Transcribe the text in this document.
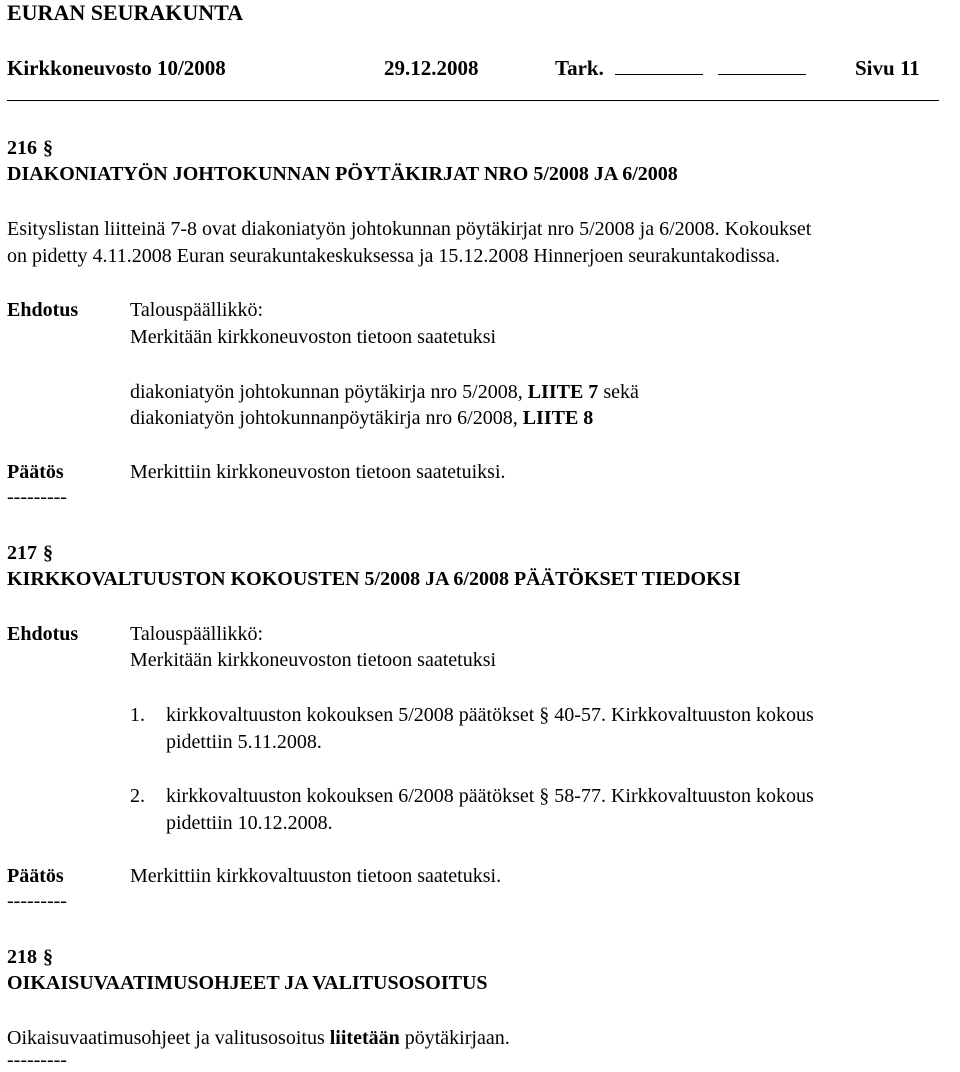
EURAN SEURAKUNTA
Kirkkoneuvosto 10/2008	29.12.2008	Tark.	Sivu 11
216 §
DIAKONIATYÖN JOHTOKUNNAN PÖYTÄKIRJAT NRO 5/2008 JA 6/2008
Esityslistan liitteinä 7-8 ovat diakoniatyön johtokunnan pöytäkirjat nro 5/2008 ja 6/2008. Kokoukset
on pidetty 4.11.2008 Euran seurakuntakeskuksessa ja 15.12.2008 Hinnerjoen seurakuntakodissa.
Ehdotus	Talouspäällikkö:
Merkitään kirkkoneuvoston tietoon saatetuksi
diakoniatyön johtokunnan pöytäkirja nro 5/2008, LIITE 7 sekä
diakoniatyön johtokunnanpöytäkirja nro 6/2008, LIITE 8
Päätös	Merkittiin kirkkoneuvoston tietoon saatetuiksi.
---------
217 §
KIRKKOVALTUUSTON KOKOUSTEN 5/2008 JA 6/2008 PÄÄTÖKSET TIEDOKSI
Ehdotus	Talouspäällikkö:
Merkitään kirkkoneuvoston tietoon saatetuksi
1. kirkkovaltuuston kokouksen 5/2008 päätökset § 40-57. Kirkkovaltuuston kokous
pidettiin 5.11.2008.
2. kirkkovaltuuston kokouksen 6/2008 päätökset § 58-77. Kirkkovaltuuston kokous
pidettiin 10.12.2008.
Päätös	Merkittiin kirkkovaltuuston tietoon saatetuksi.
---------
218 §
OIKAISUVAATIMUSOHJEET JA VALITUSOSOITUS
Oikaisuvaatimusohjeet ja valitusosoitus liitetään pöytäkirjaan.
---------
